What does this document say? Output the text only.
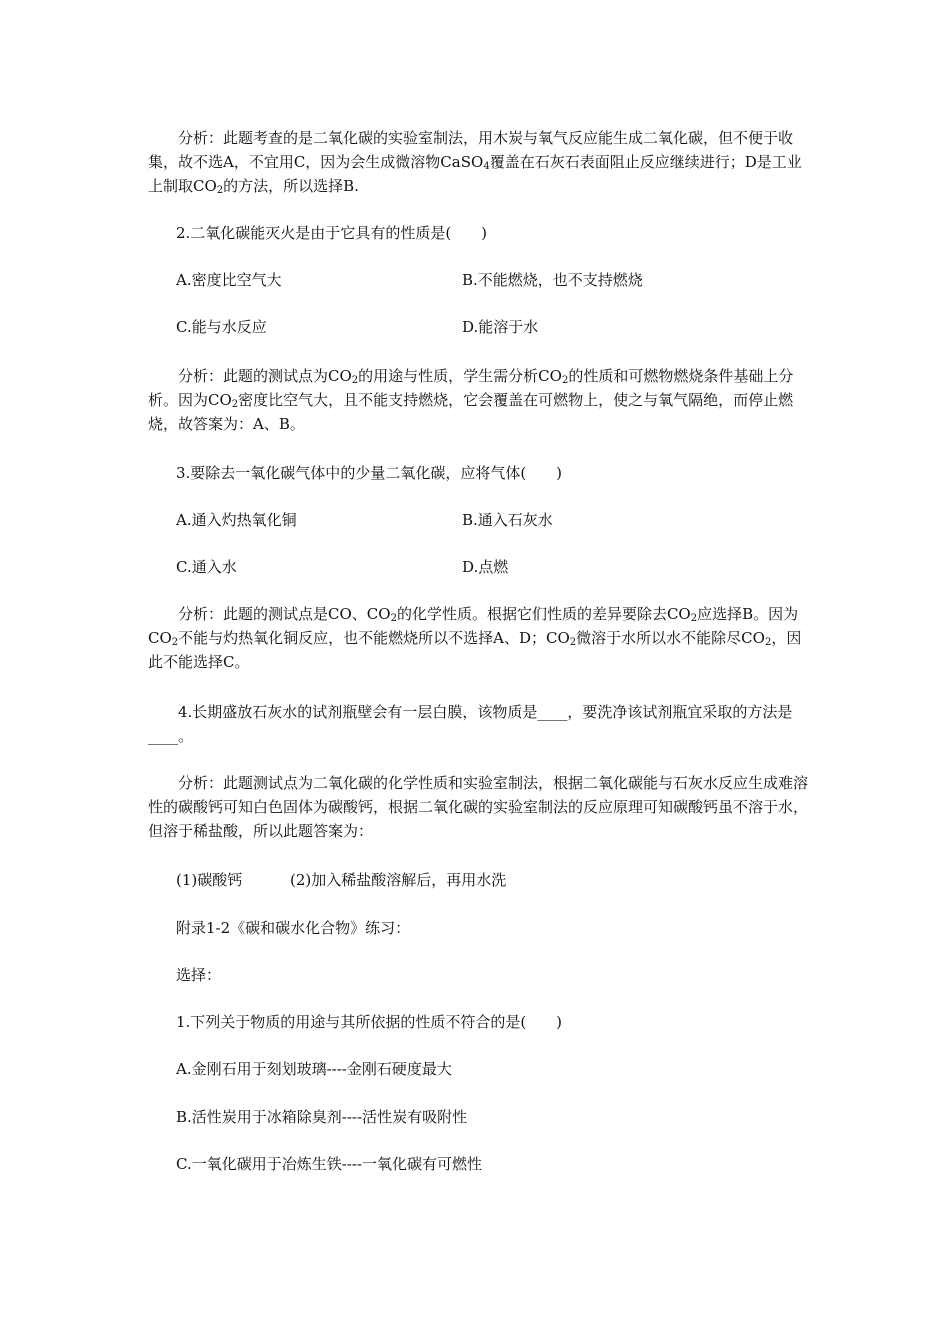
分析：此题考查的是二氧化碳的实验室制法，用木炭与氧气反应能生成二氧化碳，但不便于收集，故不选A，不宜用C，因为会生成微溶物CaSO$_4$覆盖在石灰石表面阻止反应继续进行；D是工业上制取$CO_2$的方法，所以选择B.

2.二氧化碳能灭火是由于它具有的性质是(　　)

A.密度比空气大	B.不能燃烧，也不支持燃烧

C.能与水反应	D.能溶于水

分析：此题的测试点为$CO_2$的用途与性质，学生需分析$CO_2$的性质和可燃物燃烧条件基础上分析。因为$CO_2$密度比空气大，且不能支持燃烧，它会覆盖在可燃物上，使之与氧气隔绝，而停止燃烧，故答案为：A、B。

3.要除去一氧化碳气体中的少量二氧化碳，应将气体(　　)

A.通入灼热氧化铜	B.通入石灰水

C.通入水	D.点燃

分析：此题的测试点是CO、$CO_2$的化学性质。根据它们性质的差异要除去$CO_2$应选择B。因为$CO_2$不能与灼热氧化铜反应，也不能燃烧所以不选择A、D；$CO_2$微溶于水所以水不能除尽$CO_2$，因此不能选择C。

4.长期盛放石灰水的试剂瓶壁会有一层白膜，该物质是____，要洗净该试剂瓶宜采取的方法是____。

分析：此题测试点为二氧化碳的化学性质和实验室制法，根据二氧化碳能与石灰水反应生成难溶性的碳酸钙可知白色固体为碳酸钙，根据二氧化碳的实验室制法的反应原理可知碳酸钙虽不溶于水，但溶于稀盐酸，所以此题答案为：

(1)碳酸钙	(2)加入稀盐酸溶解后，再用水洗

附录1-2《碳和碳水化合物》练习：

选择：

1.下列关于物质的用途与其所依据的性质不符合的是(　　)

A.金刚石用于刻划玻璃----金刚石硬度最大

B.活性炭用于冰箱除臭剂----活性炭有吸附性

C.一氧化碳用于冶炼生铁----一氧化碳有可燃性
